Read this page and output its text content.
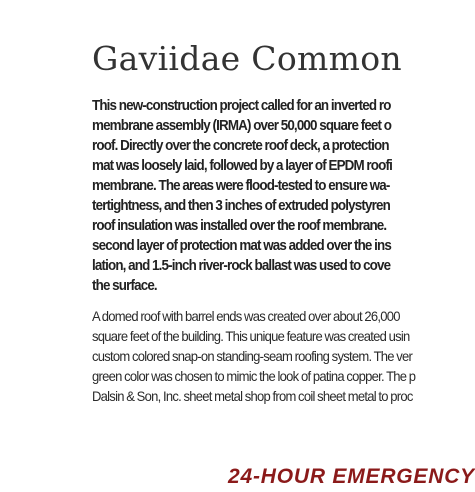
Gaviidae Common

This new-construction project called for an inverted ro
membrane assembly (IRMA) over 50,000 square feet o
roof. Directly over the concrete roof deck, a protection
mat was loosely laid, followed by a layer of EPDM roofi
membrane. The areas were flood-tested to ensure wa-
tertightness, and then 3 inches of extruded polystyren
roof insulation was installed over the roof membrane.
second layer of protection mat was added over the ins
lation, and 1.5-inch river-rock ballast was used to cove
the surface.

A domed roof with barrel ends was created over about 26,000
square feet of the building. This unique feature was created usin
custom colored snap-on standing-seam roofing system. The ver
green color was chosen to mimic the look of patina copper. The p
Dalsin & Son, Inc. sheet metal shop from coil sheet metal to proc

24-HOUR EMERGENCY
